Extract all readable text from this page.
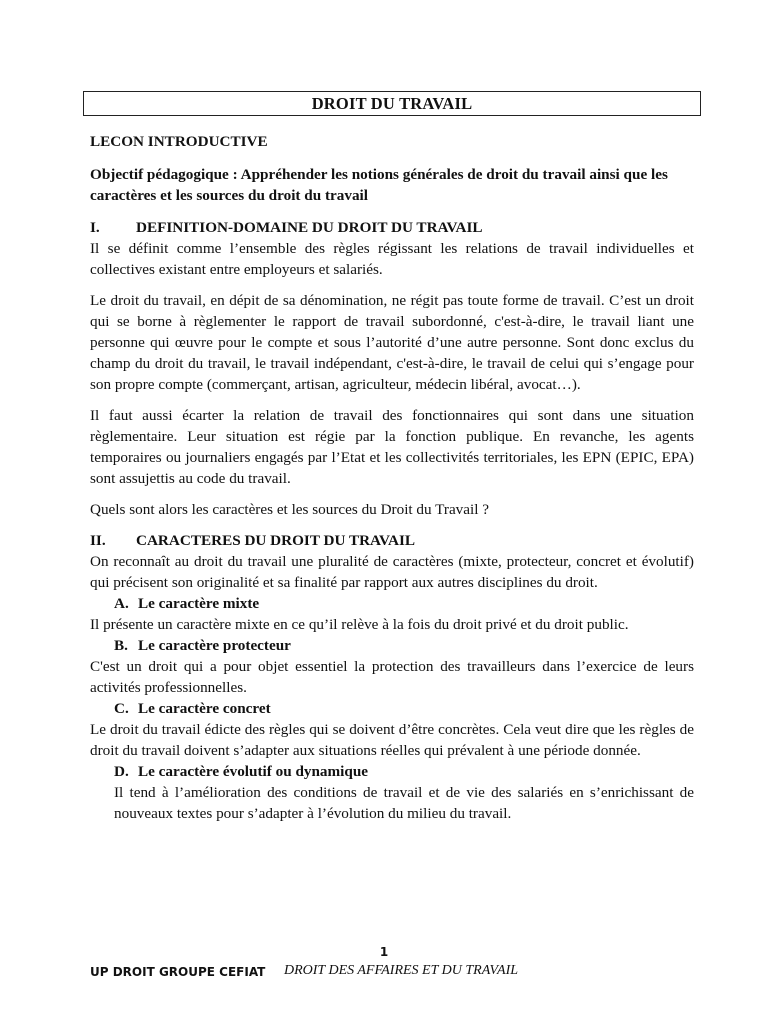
DROIT DU TRAVAIL

LECON INTRODUCTIVE

Objectif pédagogique : Appréhender les notions générales de droit du travail ainsi que les caractères et les sources du droit du travail

I.	DEFINITION-DOMAINE DU DROIT DU TRAVAIL

Il se définit comme l’ensemble des règles régissant les relations de travail individuelles et collectives existant entre employeurs et salariés.

Le droit du travail, en dépit de sa dénomination, ne régit pas toute forme de travail. C’est un droit qui se borne à règlementer le rapport de travail subordonné, c'est-à-dire, le travail liant une personne qui œuvre pour le compte et sous l’autorité d’une autre personne. Sont donc exclus du champ du droit du travail, le travail indépendant, c'est-à-dire, le travail de celui qui s’engage pour son propre compte (commerçant, artisan, agriculteur, médecin libéral, avocat…).

Il faut aussi écarter la relation de travail des fonctionnaires qui sont dans une situation règlementaire. Leur situation est régie par la fonction publique. En revanche, les agents temporaires ou journaliers engagés par l’Etat et les collectivités territoriales, les EPN (EPIC, EPA) sont assujettis au code du travail.

Quels sont alors les caractères et les sources du Droit du Travail ?

II.	CARACTERES DU DROIT DU TRAVAIL

On reconnaît au droit du travail une pluralité de caractères (mixte, protecteur, concret et évolutif) qui précisent son originalité et sa finalité par rapport aux autres disciplines du droit.

A. Le caractère mixte

Il présente un caractère mixte en ce qu’il relève à la fois du droit privé et du droit public.

B. Le caractère protecteur

C'est un droit qui a pour objet essentiel la protection des travailleurs dans l’exercice de leurs activités professionnelles.

C. Le caractère concret

Le droit du travail édicte des règles qui se doivent d’être concrètes. Cela veut dire que les règles de droit du travail doivent s’adapter aux situations réelles qui prévalent à une période donnée.

D. Le caractère évolutif ou dynamique

Il tend à l’amélioration des conditions de travail et de vie des salariés en s’enrichissant de nouveaux textes pour s’adapter à l’évolution du milieu du travail.

1
UP DROIT GROUPE CEFIAT DROIT DES AFFAIRES ET DU TRAVAIL
